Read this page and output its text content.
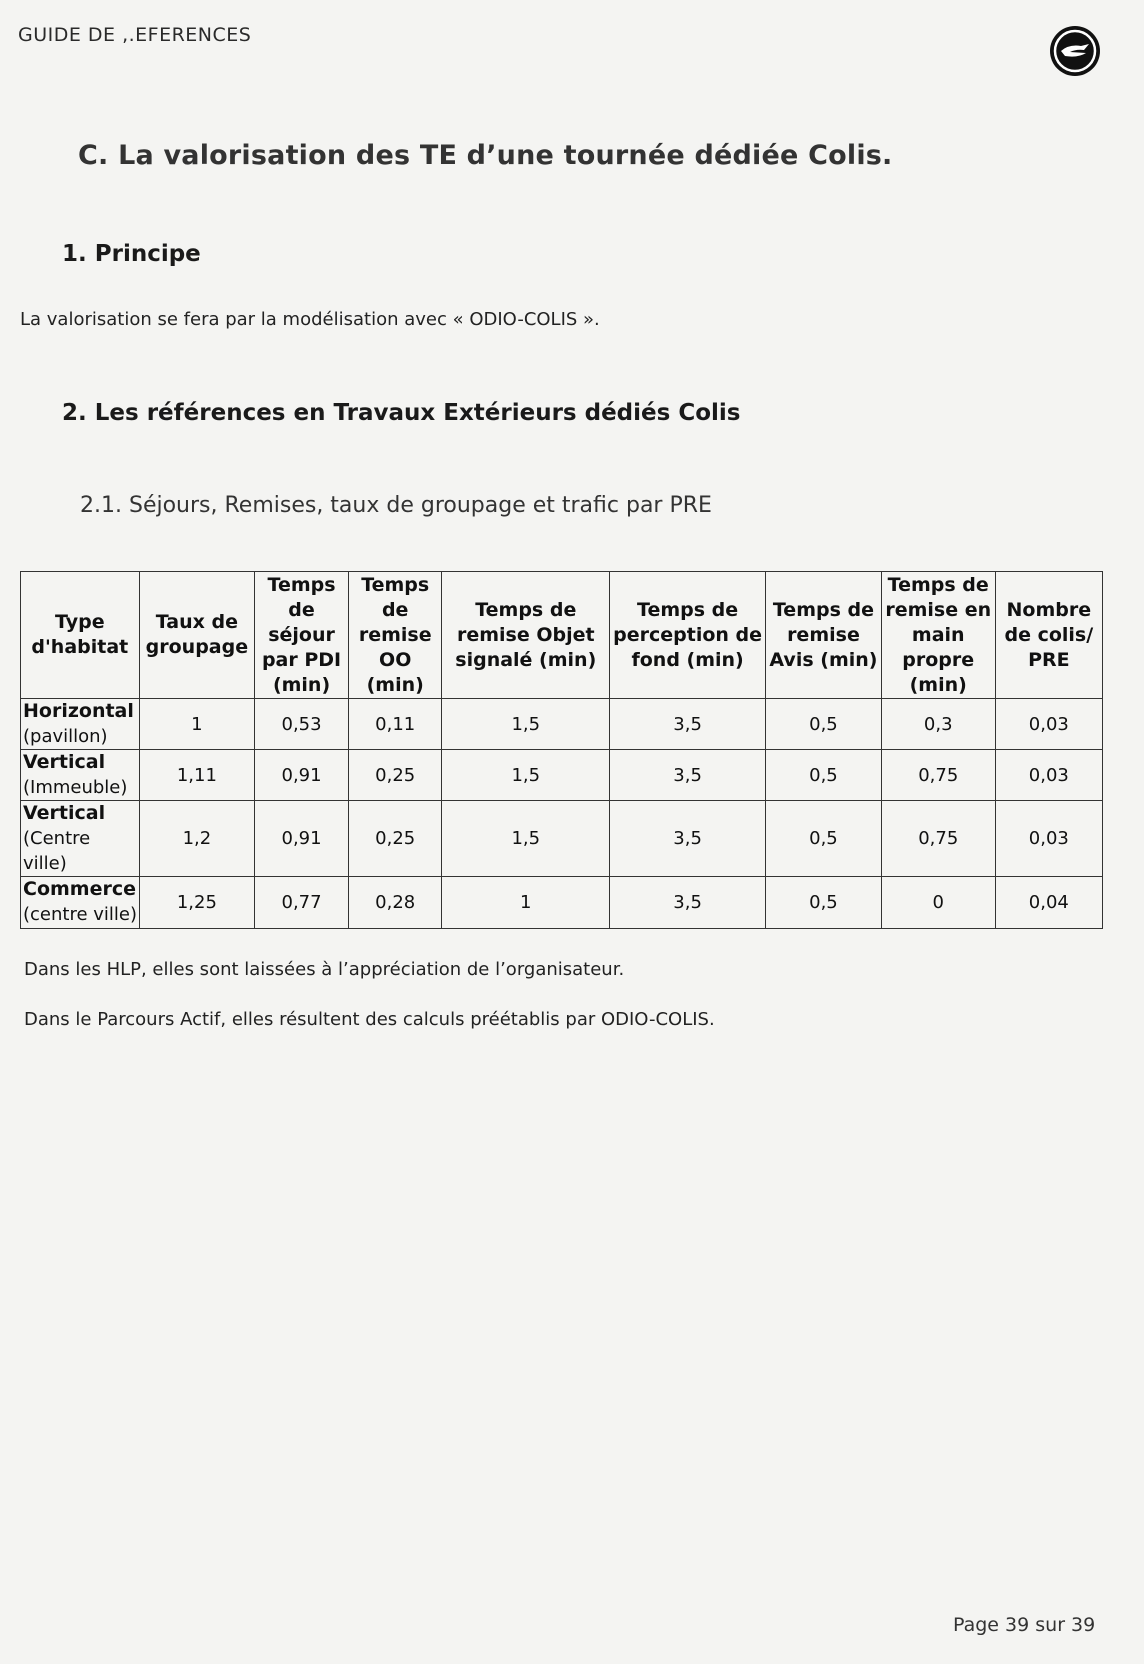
GUIDE DE ,.EFERENCES
C. La valorisation des TE d’une tournée dédiée Colis.
1. Principe
La valorisation se fera par la modélisation avec « ODIO-COLIS ».
2. Les références en Travaux Extérieurs dédiés Colis
2.1. Séjours, Remises, taux de groupage et trafic par PRE
Type d'habitat	Taux de groupage	Temps de séjour par PDI (min)	Temps de remise OO (min)	Temps de remise Objet signalé (min)	Temps de perception de fond (min)	Temps de remise Avis (min)	Temps de remise en main propre (min)	Nombre de colis/ PRE

Horizontal
(pavillon)	1	0,53	0,11	1,5	3,5	0,5	0,3	0,03

Vertical
(Immeuble)	1,11	0,91	0,25	1,5	3,5	0,5	0,75	0,03

Vertical
(Centre ville)	1,2	0,91	0,25	1,5	3,5	0,5	0,75	0,03

Commerce
(centre ville)	1,25	0,77	0,28	1	3,5	0,5	0	0,04
Dans les HLP, elles sont laissées à l’appréciation de l’organisateur.
Dans le Parcours Actif, elles résultent des calculs préétablis par ODIO-COLIS.
Page 39 sur 39
